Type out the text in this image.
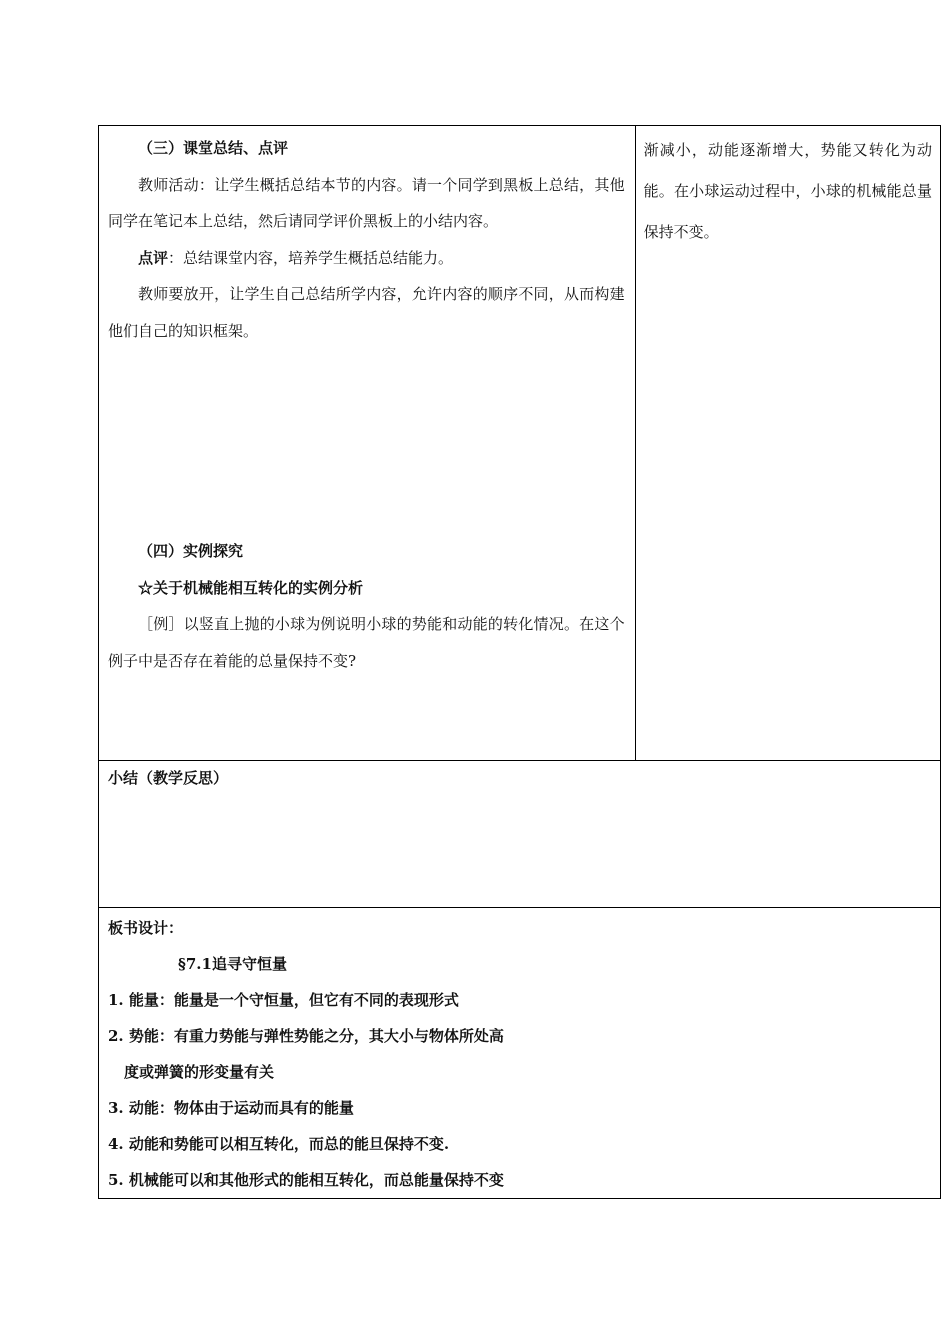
（三）课堂总结、点评

教师活动：让学生概括总结本节的内容。请一个同学到黑板上总结，其他同学在笔记本上总结，然后请同学评价黑板上的小结内容。

点评：总结课堂内容，培养学生概括总结能力。

教师要放开，让学生自己总结所学内容，允许内容的顺序不同，从而构建他们自己的知识框架。

（四）实例探究

☆关于机械能相互转化的实例分析

［例］以竖直上抛的小球为例说明小球的势能和动能的转化情况。在这个例子中是否存在着能的总量保持不变?

渐减小，动能逐渐增大，势能又转化为动能。在小球运动过程中，小球的机械能总量保持不变。

小结（教学反思）

板书设计：

§7.1追寻守恒量

1. 能量：能量是一个守恒量，但它有不同的表现形式

2. 势能：有重力势能与弹性势能之分，其大小与物体所处高

度或弹簧的形变量有关

3. 动能：物体由于运动而具有的能量

4. 动能和势能可以相互转化，而总的能旦保持不变.

5. 机械能可以和其他形式的能相互转化，而总能量保持不变
